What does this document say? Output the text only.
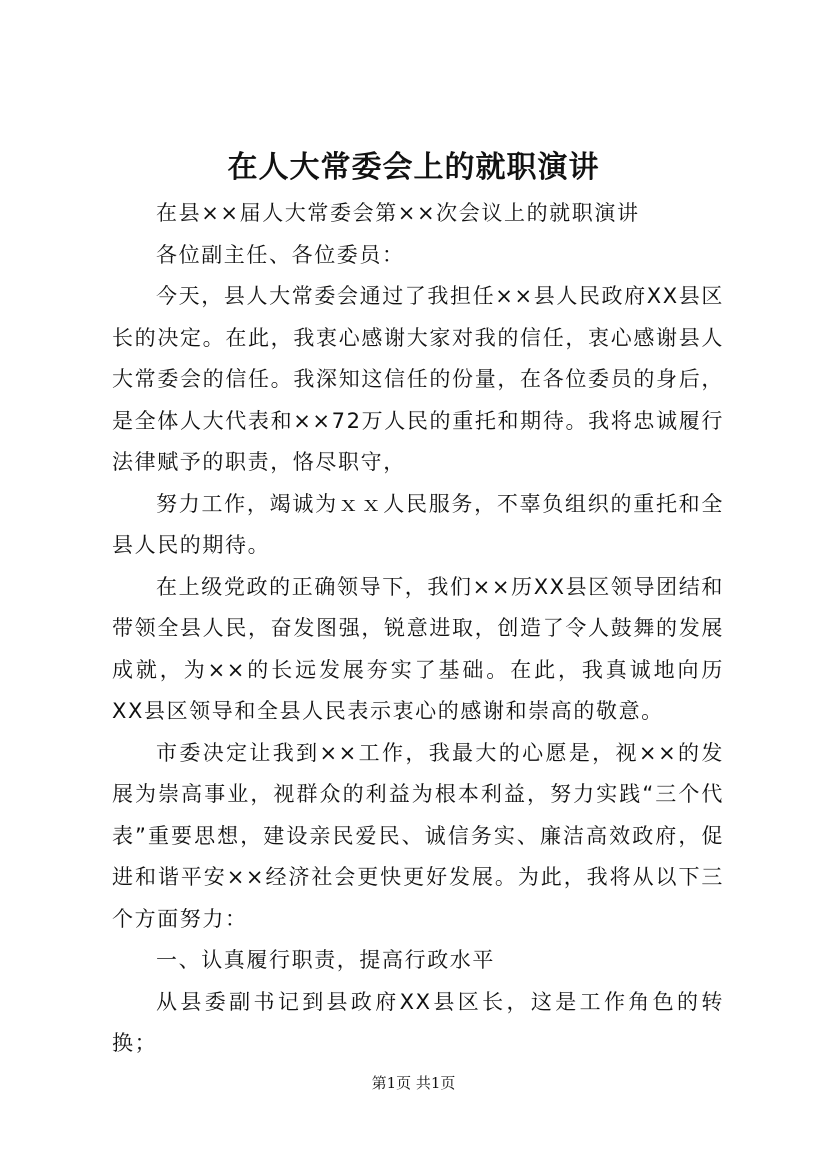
在人大常委会上的就职演讲

在县××届人大常委会第××次会议上的就职演讲

各位副主任、各位委员：

今天，县人大常委会通过了我担任××县人民政府XX县区长的决定。在此，我衷心感谢大家对我的信任，衷心感谢县人大常委会的信任。我深知这信任的份量，在各位委员的身后，是全体人大代表和××72万人民的重托和期待。我将忠诚履行法律赋予的职责，恪尽职守，

努力工作，竭诚为ｘｘ人民服务，不辜负组织的重托和全县人民的期待。

在上级党政的正确领导下，我们××历XX县区领导团结和带领全县人民，奋发图强，锐意进取，创造了令人鼓舞的发展成就，为××的长远发展夯实了基础。在此，我真诚地向历XX县区领导和全县人民表示衷心的感谢和崇高的敬意。

市委决定让我到××工作，我最大的心愿是，视××的发展为崇高事业，视群众的利益为根本利益，努力实践“三个代表”重要思想，建设亲民爱民、诚信务实、廉洁高效政府，促进和谐平安××经济社会更快更好发展。为此，我将从以下三个方面努力：

一、认真履行职责，提高行政水平

从县委副书记到县政府XX县区长，这是工作角色的转换；

第1页 共1页
